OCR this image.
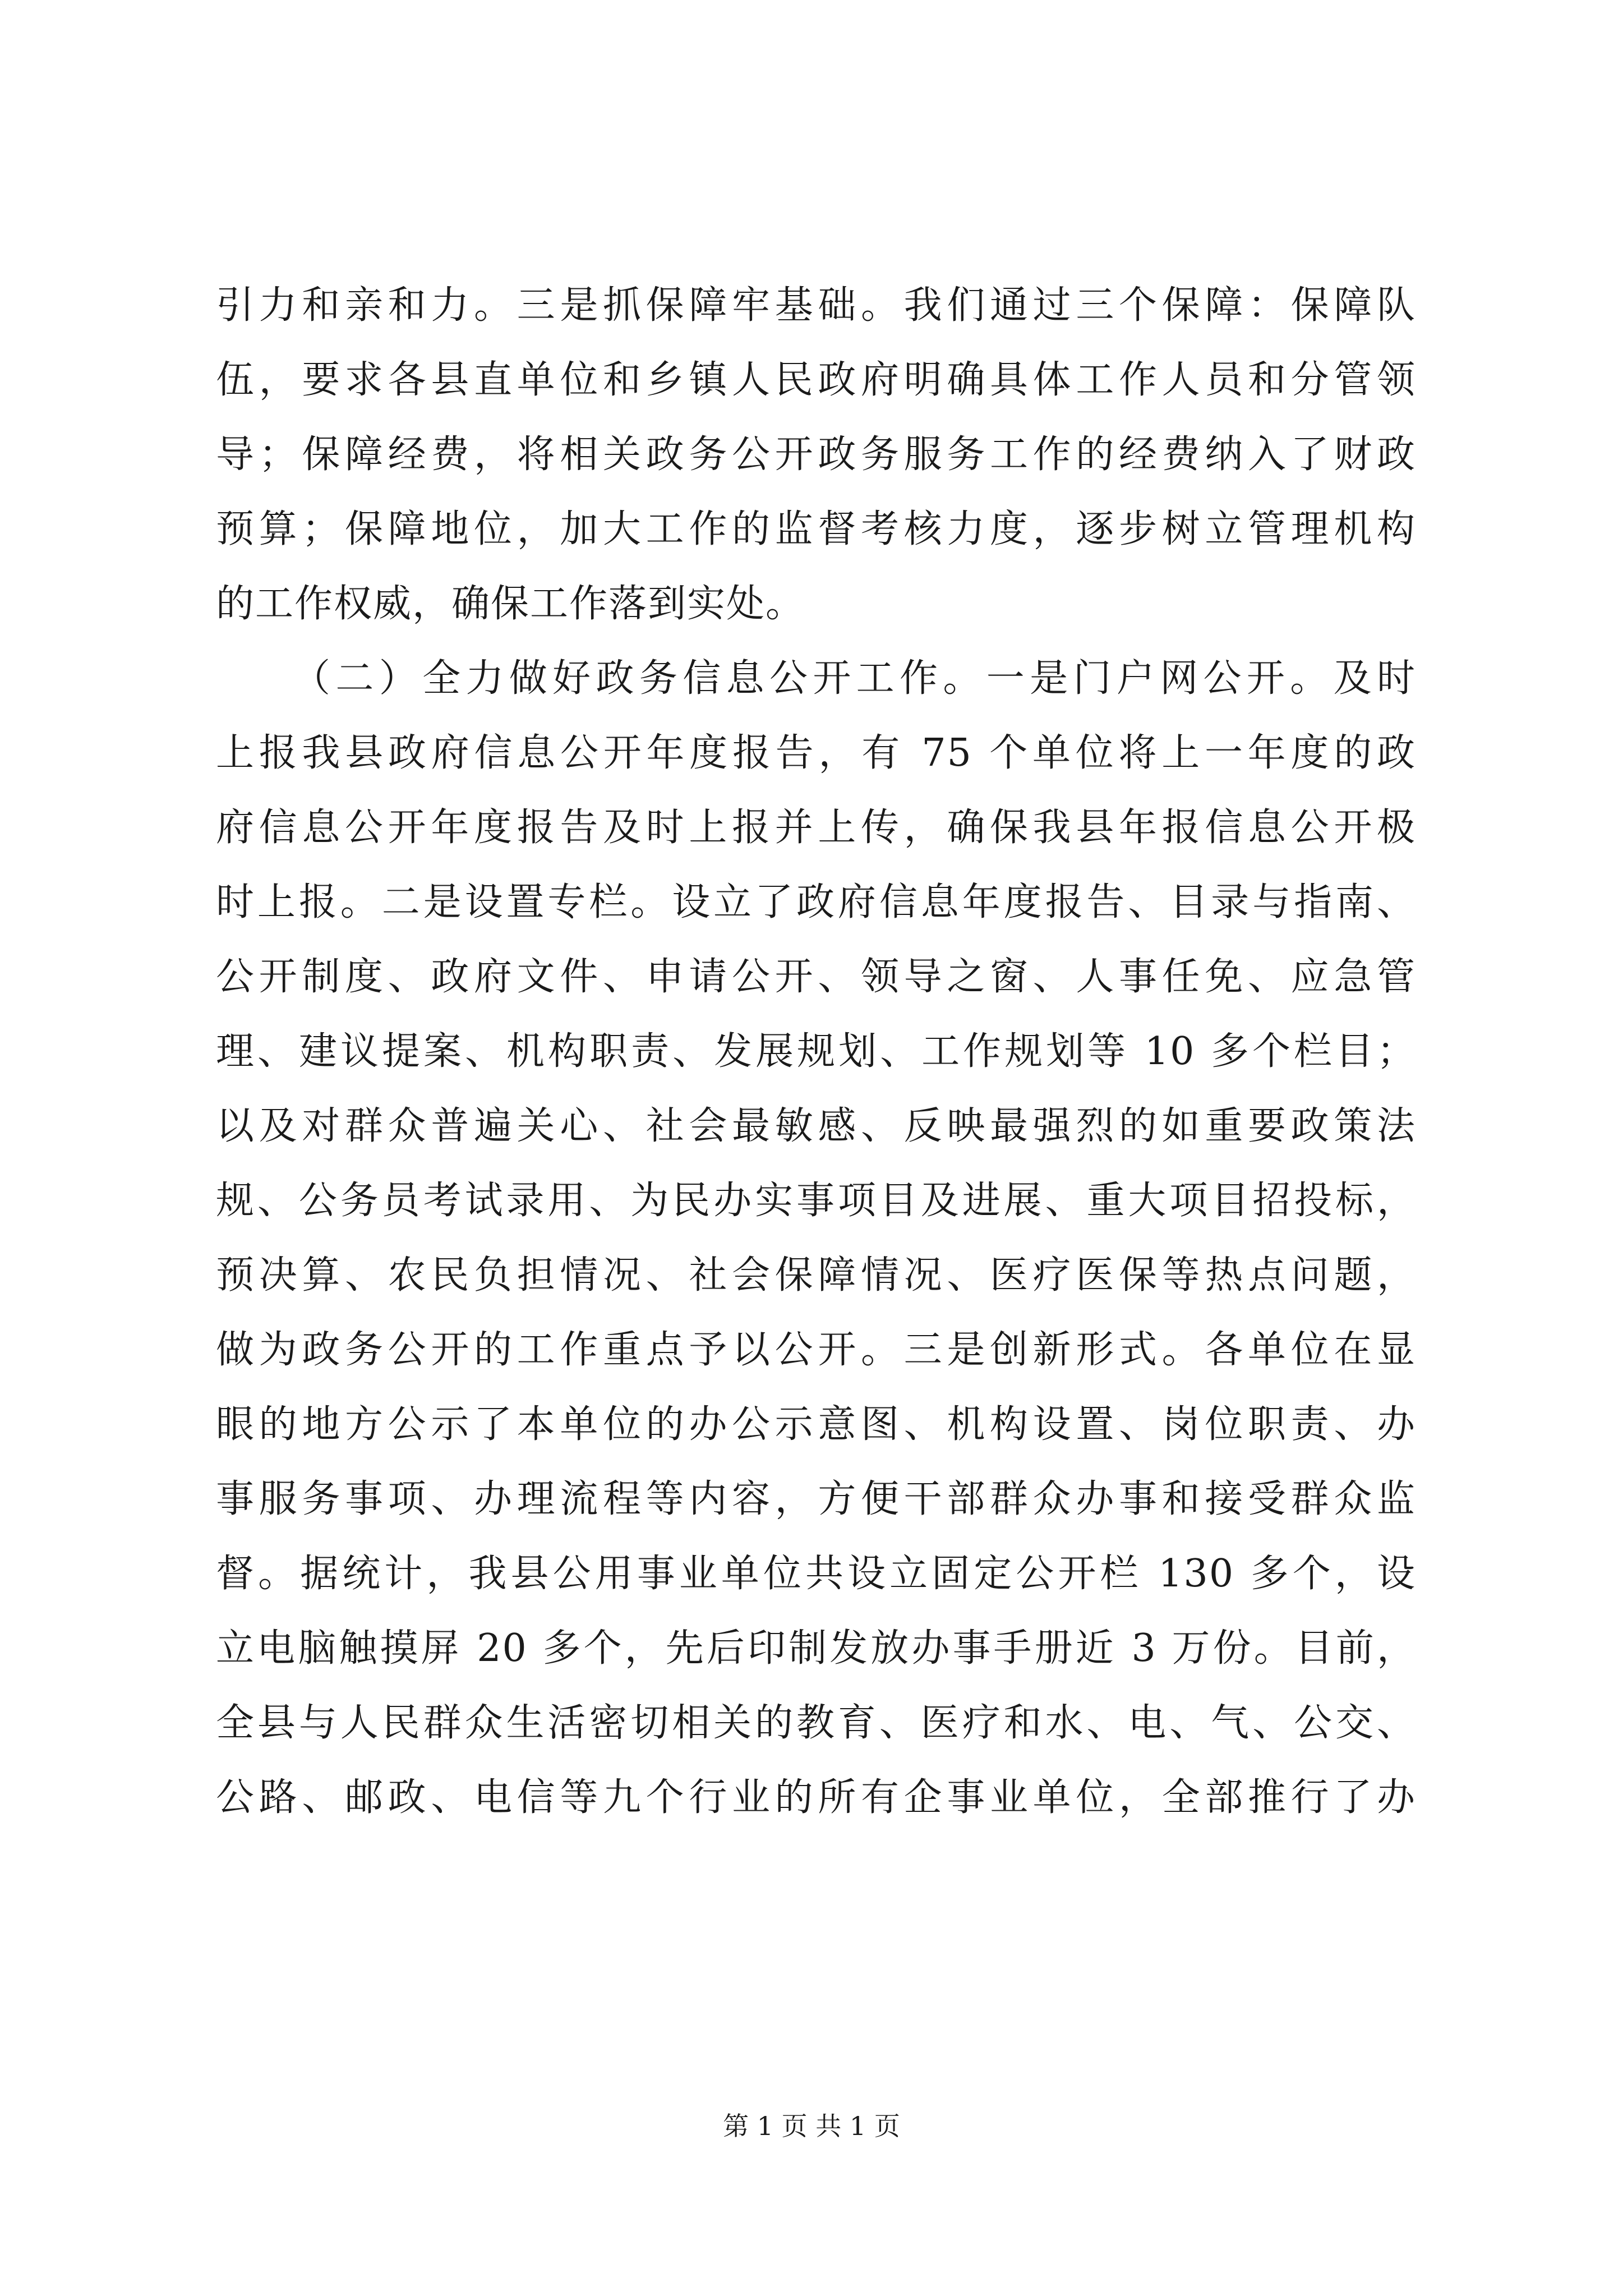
引力和亲和力。三是抓保障牢基础。我们通过三个保障：保障队
伍，要求各县直单位和乡镇人民政府明确具体工作人员和分管领
导；保障经费，将相关政务公开政务服务工作的经费纳入了财政
预算；保障地位，加大工作的监督考核力度，逐步树立管理机构
的工作权威，确保工作落到实处。
（二）全力做好政务信息公开工作。一是门户网公开。及时
上报我县政府信息公开年度报告，有 75 个单位将上一年度的政
府信息公开年度报告及时上报并上传，确保我县年报信息公开极
时上报。二是设置专栏。设立了政府信息年度报告、目录与指南、
公开制度、政府文件、申请公开、领导之窗、人事任免、应急管
理、建议提案、机构职责、发展规划、工作规划等 10 多个栏目；
以及对群众普遍关心、社会最敏感、反映最强烈的如重要政策法
规、公务员考试录用、为民办实事项目及进展、重大项目招投标，
预决算、农民负担情况、社会保障情况、医疗医保等热点问题，
做为政务公开的工作重点予以公开。三是创新形式。各单位在显
眼的地方公示了本单位的办公示意图、机构设置、岗位职责、办
事服务事项、办理流程等内容，方便干部群众办事和接受群众监
督。据统计，我县公用事业单位共设立固定公开栏 130 多个，设
立电脑触摸屏 20 多个，先后印制发放办事手册近 3 万份。目前，
全县与人民群众生活密切相关的教育、医疗和水、电、气、公交、
公路、邮政、电信等九个行业的所有企事业单位，全部推行了办
第 1 页 共 1 页
